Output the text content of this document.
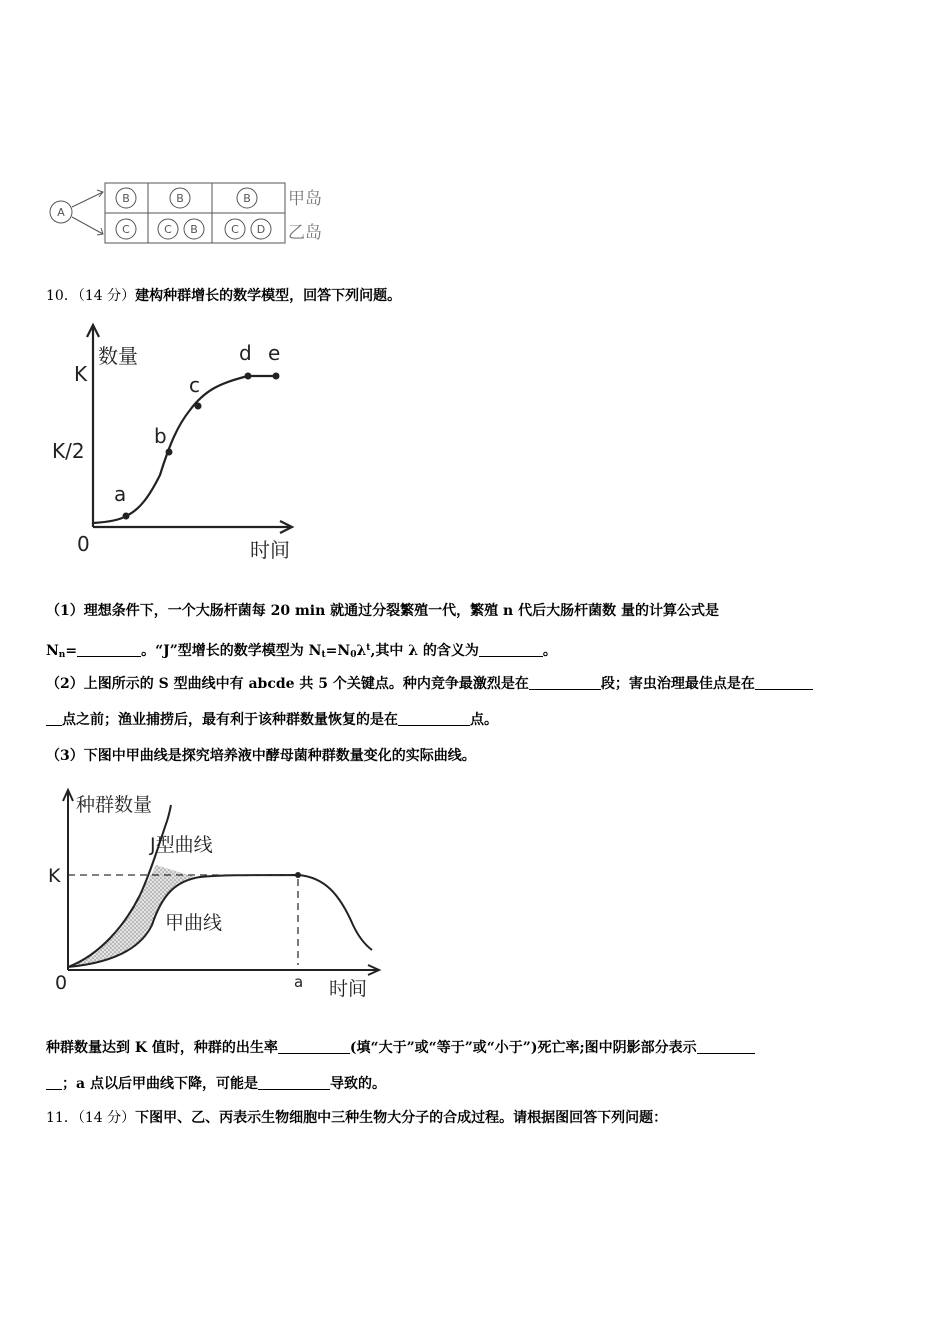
A
B	B	B
C	C B	C D
甲岛
乙岛
10．（14 分）建构种群增长的数学模型，回答下列问题。
数量
K
K/2
0	时间
a
b
c
d e
（1）理想条件下，一个大肠杆菌每 20 min 就通过分裂繁殖一代，繁殖 n 代后大肠杆菌数 量的计算公式是
$N_n=$	。“J”型增长的数学模型为 $N_t=N_0\lambda^t$,其中 λ 的含义为	。
（2）上图所示的 S 型曲线中有 abcde 共 5 个关键点。种内竞争最激烈是在	段；害虫治理最佳点是在
点之前；渔业捕捞后，最有利于该种群数量恢复的是在	点。
（3）下图中甲曲线是探究培养液中酵母菌种群数量变化的实际曲线。
种群数量
J型曲线
甲曲线
K
0	时间
a
种群数量达到 K 值时，种群的出生率	(填“大于”或“等于”或“小于”)死亡率;图中阴影部分表示
；a 点以后甲曲线下降，可能是	导致的。
11．（14 分）下图甲、乙、丙表示生物细胞中三种生物大分子的合成过程。请根据图回答下列问题：
